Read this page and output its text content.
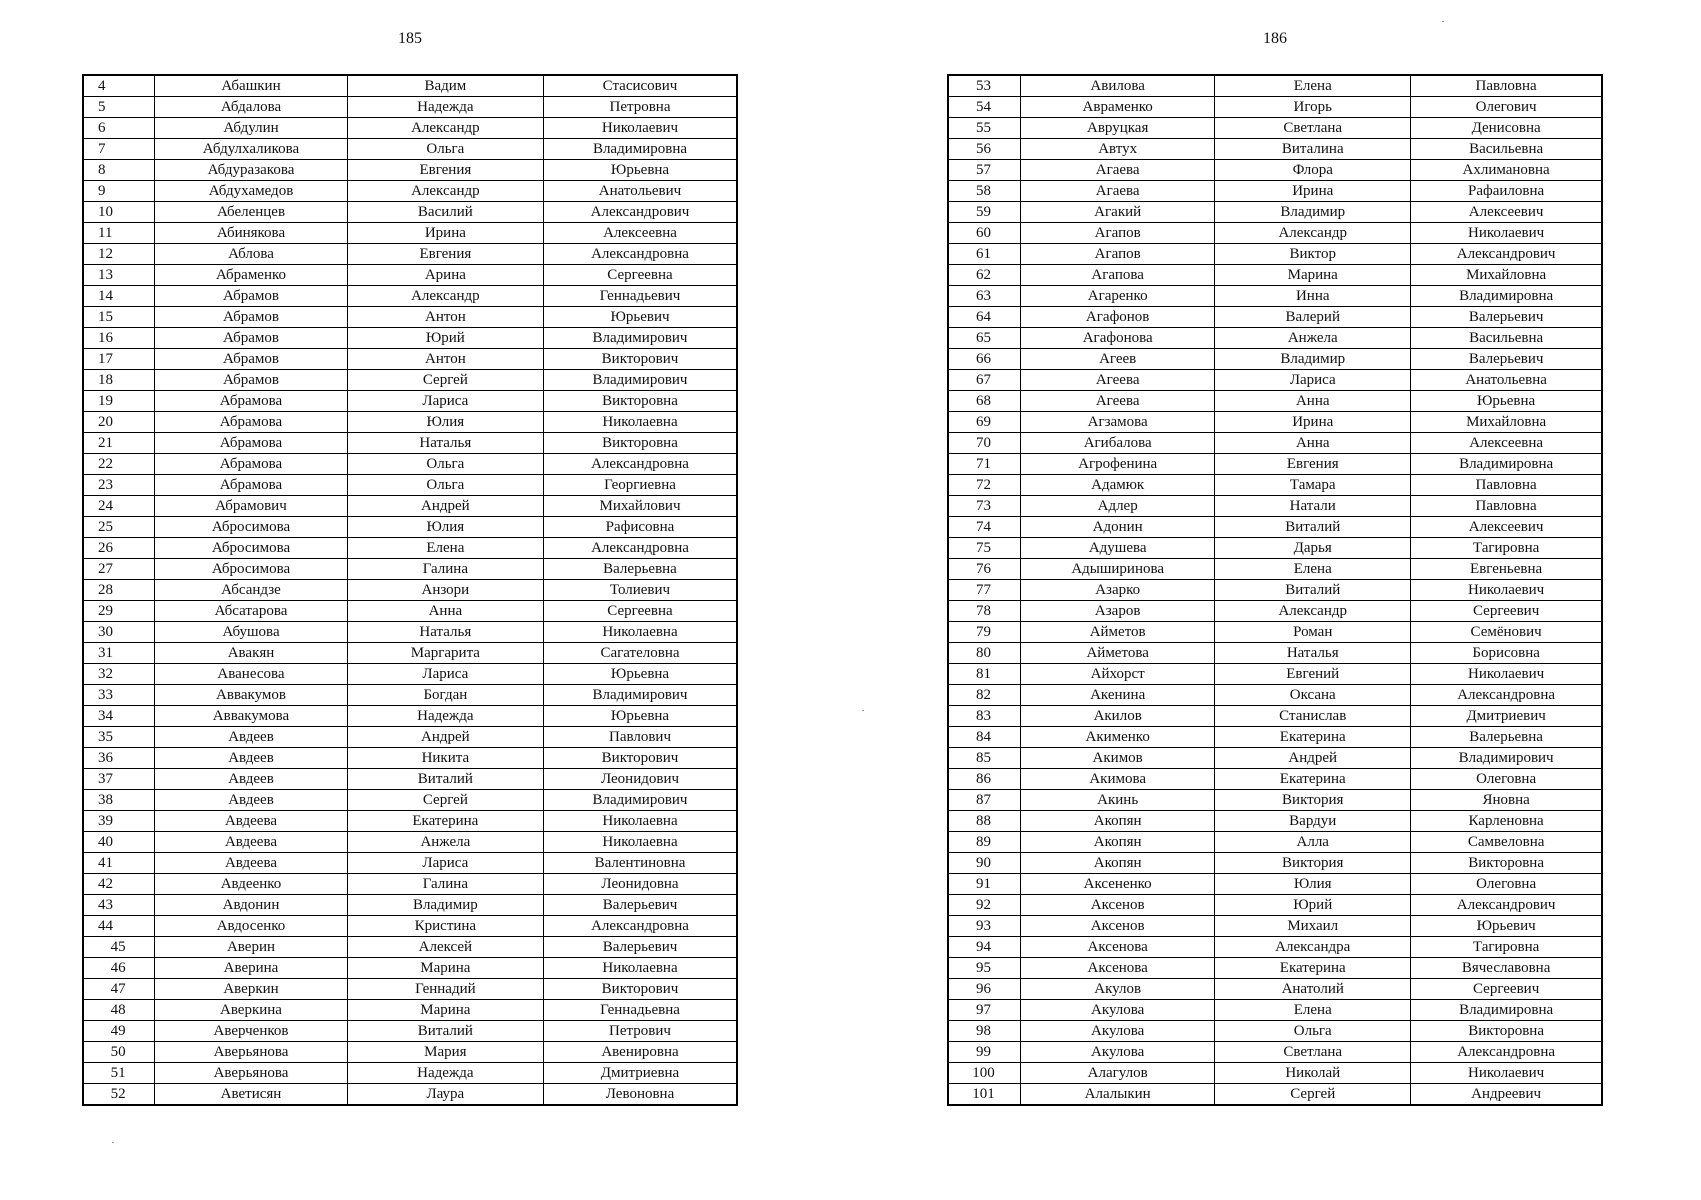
185
4	Абашкин	Вадим	Стасисович
5	Абдалова	Надежда	Петровна
6	Абдулин	Александр	Николаевич
7	Абдулхаликова	Ольга	Владимировна
8	Абдуразакова	Евгения	Юрьевна
9	Абдухамедов	Александр	Анатольевич
10	Абеленцев	Василий	Александрович
11	Абинякова	Ирина	Алексеевна
12	Аблова	Евгения	Александровна
13	Абраменко	Арина	Сергеевна
14	Абрамов	Александр	Геннадьевич
15	Абрамов	Антон	Юрьевич
16	Абрамов	Юрий	Владимирович
17	Абрамов	Антон	Викторович
18	Абрамов	Сергей	Владимирович
19	Абрамова	Лариса	Викторовна
20	Абрамова	Юлия	Николаевна
21	Абрамова	Наталья	Викторовна
22	Абрамова	Ольга	Александровна
23	Абрамова	Ольга	Георгиевна
24	Абрамович	Андрей	Михайлович
25	Абросимова	Юлия	Рафисовна
26	Абросимова	Елена	Александровна
27	Абросимова	Галина	Валерьевна
28	Абсандзе	Анзори	Толиевич
29	Абсатарова	Анна	Сергеевна
30	Абушова	Наталья	Николаевна
31	Авакян	Маргарита	Сагателовна
32	Аванесова	Лариса	Юрьевна
33	Аввакумов	Богдан	Владимирович
34	Аввакумова	Надежда	Юрьевна
35	Авдеев	Андрей	Павлович
36	Авдеев	Никита	Викторович
37	Авдеев	Виталий	Леонидович
38	Авдеев	Сергей	Владимирович
39	Авдеева	Екатерина	Николаевна
40	Авдеева	Анжела	Николаевна
41	Авдеева	Лариса	Валентиновна
42	Авдеенко	Галина	Леонидовна
43	Авдонин	Владимир	Валерьевич
44	Авдосенко	Кристина	Александровна
45	Аверин	Алексей	Валерьевич
46	Аверина	Марина	Николаевна
47	Аверкин	Геннадий	Викторович
48	Аверкина	Марина	Геннадьевна
49	Аверченков	Виталий	Петрович
50	Аверьянова	Мария	Авенировна
51	Аверьянова	Надежда	Дмитриевна
52	Аветисян	Лаура	Левоновна
186
53	Авилова	Елена	Павловна
54	Авраменко	Игорь	Олегович
55	Авруцкая	Светлана	Денисовна
56	Автух	Виталина	Васильевна
57	Агаева	Флора	Ахлимановна
58	Агаева	Ирина	Рафаиловна
59	Агакий	Владимир	Алексеевич
60	Агапов	Александр	Николаевич
61	Агапов	Виктор	Александрович
62	Агапова	Марина	Михайловна
63	Агаренко	Инна	Владимировна
64	Агафонов	Валерий	Валерьевич
65	Агафонова	Анжела	Васильевна
66	Агеев	Владимир	Валерьевич
67	Агеева	Лариса	Анатольевна
68	Агеева	Анна	Юрьевна
69	Агзамова	Ирина	Михайловна
70	Агибалова	Анна	Алексеевна
71	Агрофенина	Евгения	Владимировна
72	Адамюк	Тамара	Павловна
73	Адлер	Натали	Павловна
74	Адонин	Виталий	Алексеевич
75	Адушева	Дарья	Тагировна
76	Адыширинова	Елена	Евгеньевна
77	Азарко	Виталий	Николаевич
78	Азаров	Александр	Сергеевич
79	Айметов	Роман	Семёнович
80	Айметова	Наталья	Борисовна
81	Айхорст	Евгений	Николаевич
82	Акенина	Оксана	Александровна
83	Акилов	Станислав	Дмитриевич
84	Акименко	Екатерина	Валерьевна
85	Акимов	Андрей	Владимирович
86	Акимова	Екатерина	Олеговна
87	Акинь	Виктория	Яновна
88	Акопян	Вардуи	Карленовна
89	Акопян	Алла	Самвеловна
90	Акопян	Виктория	Викторовна
91	Аксененко	Юлия	Олеговна
92	Аксенов	Юрий	Александрович
93	Аксенов	Михаил	Юрьевич
94	Аксенова	Александра	Тагировна
95	Аксенова	Екатерина	Вячеславовна
96	Акулов	Анатолий	Сергеевич
97	Акулова	Елена	Владимировна
98	Акулова	Ольга	Викторовна
99	Акулова	Светлана	Александровна
100	Алагулов	Николай	Николаевич
101	Алалыкин	Сергей	Андреевич
